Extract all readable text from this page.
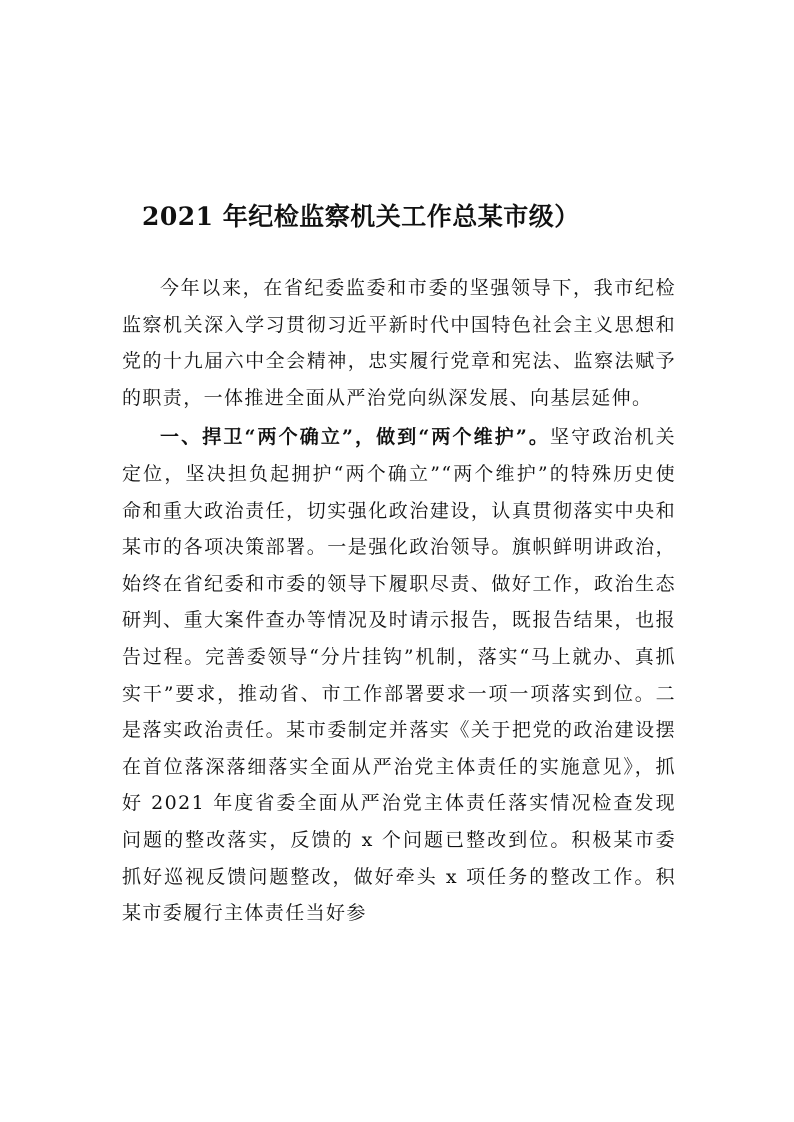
2021 年纪检监察机关工作总某市级）

今年以来，在省纪委监委和市委的坚强领导下，我市纪检监察机关深入学习贯彻习近平新时代中国特色社会主义思想和党的十九届六中全会精神，忠实履行党章和宪法、监察法赋予的职责，一体推进全面从严治党向纵深发展、向基层延伸。

一、捍卫“两个确立”，做到“两个维护”。坚守政治机关定位，坚决担负起拥护“两个确立”“两个维护”的特殊历史使命和重大政治责任，切实强化政治建设，认真贯彻落实中央和某市的各项决策部署。一是强化政治领导。旗帜鲜明讲政治，始终在省纪委和市委的领导下履职尽责、做好工作，政治生态研判、重大案件查办等情况及时请示报告，既报告结果，也报告过程。完善委领导“分片挂钩”机制，落实“马上就办、真抓实干”要求，推动省、市工作部署要求一项一项落实到位。二是落实政治责任。某市委制定并落实《关于把党的政治建设摆在首位落深落细落实全面从严治党主体责任的实施意见》，抓好 2021 年度省委全面从严治党主体责任落实情况检查发现问题的整改落实，反馈的 x 个问题已整改到位。积极某市委抓好巡视反馈问题整改，做好牵头 x 项任务的整改工作。积某市委履行主体责任当好参
